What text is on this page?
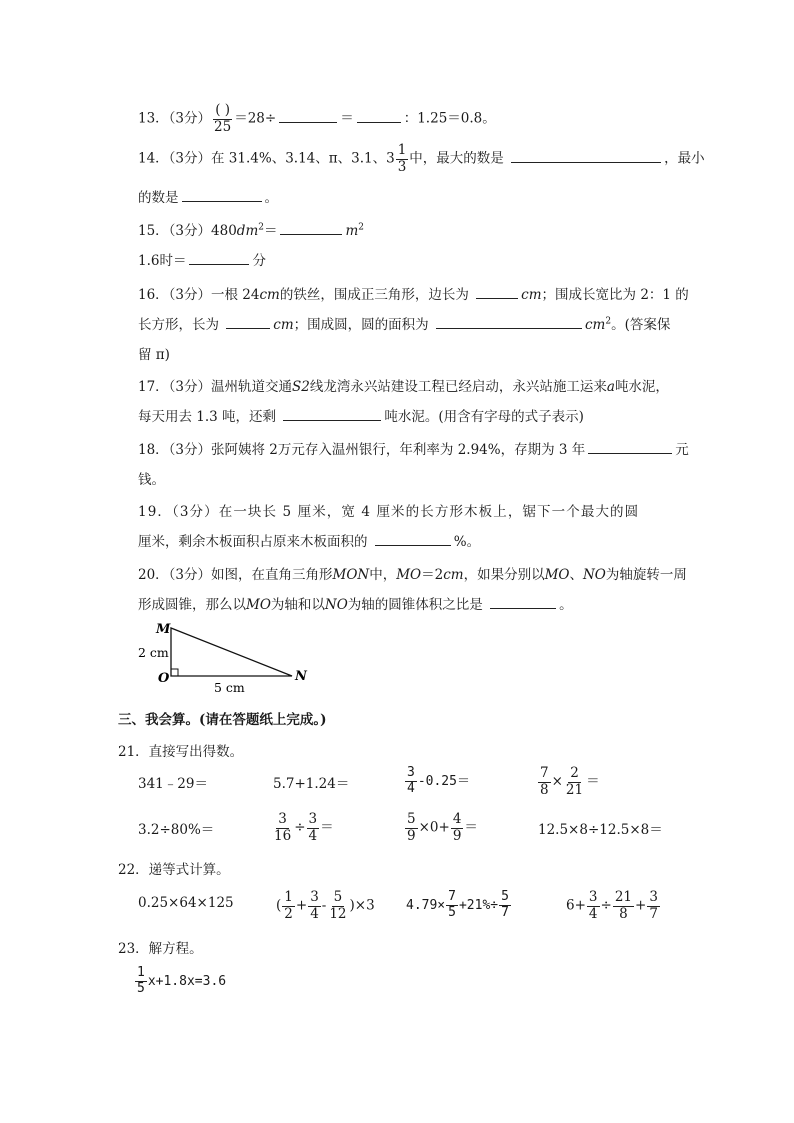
13．（3分） $\frac{( )}{25} =28\div$	＝	：1.25＝0.8。
14．（3分）在 31.4%、3.14、π、3.1、$3 \frac{1}{3}$ 中，最大的数是	，最小
的数是	。
15．（3分）$480dm^2=$	$m^2$
1.6时＝	分
16．（3分）一根 24cm的铁丝，围成正三角形，边长为	cm；围成长宽比为 2：1 的
长方形，长为	cm；围成圆，圆的面积为	$cm^2$。(答案保
留 π)
17．（3分）温州轨道交通S2线龙湾永兴站建设工程已经启动，永兴站施工运来a吨水泥，
每天用去 1.3 吨，还剩	吨水泥。(用含有字母的式子表示)
18．（3分）张阿姨将 2万元存入温州银行，年利率为 2.94%，存期为 3 年	元
钱。
19．（3分）在一块长 5 厘米，宽 4 厘米的长方形木板上，锯下一个最大的圆
厘米，剩余木板面积占原来木板面积的	%。
20．（3分）如图，在直角三角形MON中，MO＝2cm，如果分别以MO、NO为轴旋转一周
形成圆锥，那么以MO为轴和以NO为轴的圆锥体积之比是	。
M
O	N
2 cm
5 cm
三、我会算。(请在答题纸上完成。)
21．直接写出得数。
341﹣29＝	5.7+1.24＝	$\frac{3}{4} -0.25=$	$\frac{7}{8} \times \frac{2}{21}$ ＝
3.2÷80%＝	$\frac{3}{16} \div \frac{3}{4}$ ＝	$\frac{5}{9} \times 0+ \frac{4}{9}$ ＝	12.5×8÷12.5×8＝
22．递等式计算。
0.25×64×125	( $\frac{1}{2} + \frac{3}{4} - \frac{5}{12} )\times 3$ $4.79\times \frac{7}{5} +21\%\div \frac{5}{7}$	$6+ \frac{3}{4} \div \frac{21}{8} + \frac{3}{7}$
23．解方程。
$\frac{1}{5} x+1.8x=3.6$
